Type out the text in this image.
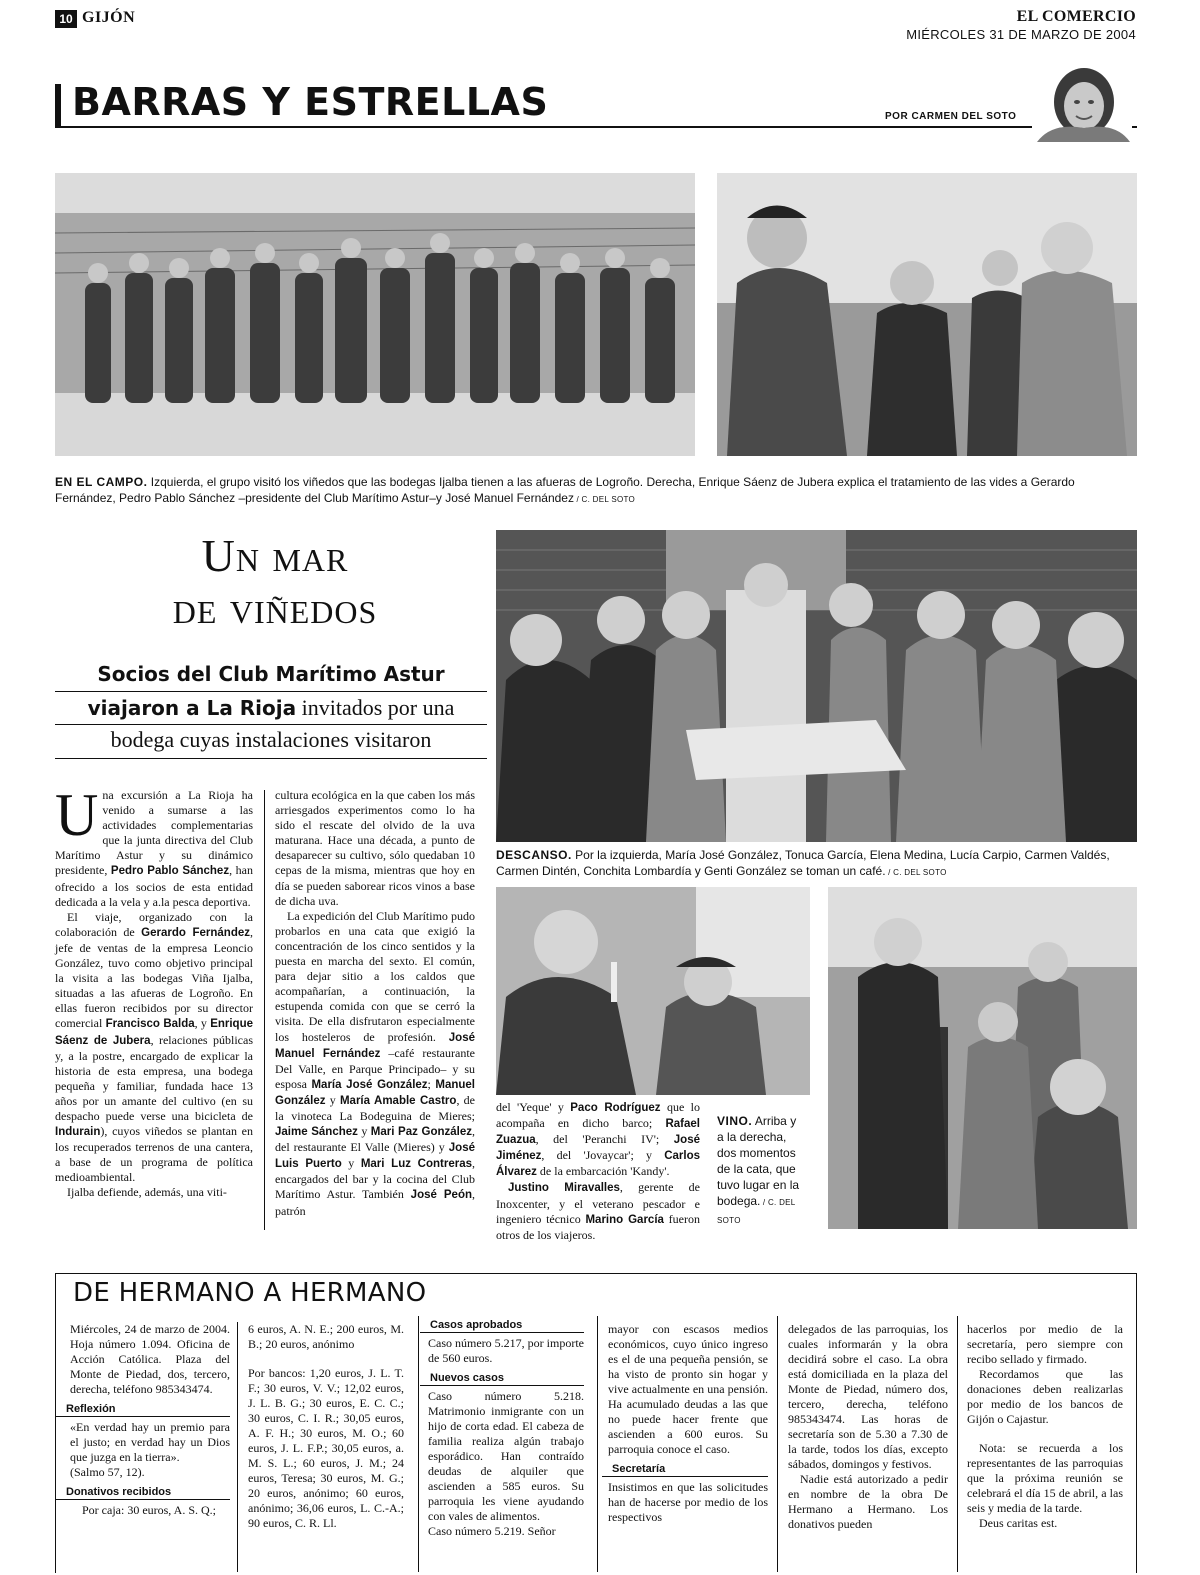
10 GIJÓN	EL COMERCIO
MIÉRCOLES 31 DE MARZO DE 2004
BARRAS Y ESTRELLAS	POR CARMEN DEL SOTO
EN EL CAMPO. Izquierda, el grupo visitó los viñedos que las bodegas Ijalba tienen a las afueras de Logroño. Derecha, Enrique Sáenz de Jubera explica el tratamiento de las vides a Gerardo Fernández, Pedro Pablo Sánchez –presidente del Club Marítimo Astur–y José Manuel Fernández / C. DEL SOTO
Un mar
de viñedos
Socios del Club Marítimo Astur
viajaron a La Rioja invitados por una
bodega cuyas instalaciones visitaron

Una excursión a La Rioja ha venido a sumarse a las actividades complementarias que la junta directiva del Club Marítimo Astur y su dinámico presidente, Pedro Pablo Sánchez, han ofrecido a los socios de esta entidad dedicada a la vela y a.la pesca deportiva.

El viaje, organizado con la colaboración de Gerardo Fernández, jefe de ventas de la empresa Leoncio González, tuvo como objetivo principal la visita a las bodegas Viña Ijalba, situadas a las afueras de Logroño. En ellas fueron recibidos por su director comercial Francisco Balda, y Enrique Sáenz de Jubera, relaciones públicas y, a la postre, encargado de explicar la historia de esta empresa, una bodega pequeña y familiar, fundada hace 13 años por un amante del cultivo (en su despacho puede verse una bicicleta de Indurain), cuyos viñedos se plantan en los recuperados terrenos de una cantera, a base de un programa de política medioambiental.

Ijalba defiende, además, una viti-

cultura ecológica en la que caben los más arriesgados experimentos como lo ha sido el rescate del olvido de la uva maturana. Hace una década, a punto de desaparecer su cultivo, sólo quedaban 10 cepas de la misma, mientras que hoy en día se pueden saborear ricos vinos a base de dicha uva.

La expedición del Club Marítimo pudo probarlos en una cata que exigió la concentración de los cinco sentidos y la puesta en marcha del sexto. El común, para dejar sitio a los caldos que acompañarían, a continuación, la estupenda comida con que se cerró la visita. De ella disfrutaron especialmente los hosteleros de profesión. José Manuel Fernández –café restaurante Del Valle, en Parque Principado– y su esposa María José González; Manuel González y María Amable Castro, de la vinoteca La Bodeguina de Mieres; Jaime Sánchez y Mari Paz González, del restaurante El Valle (Mieres) y José Luis Puerto y Mari Luz Contreras, encargados del bar y la cocina del Club Marítimo Astur. También José Peón, patrón

del 'Yeque' y Paco Rodríguez que lo acompaña en dicho barco; Rafael Zuazua, del 'Peranchi IV'; José Jiménez, del 'Jovaycar'; y Carlos Álvarez de la embarcación 'Kandy'.

Justino Miravalles, gerente de Inoxcenter, y el veterano pescador e ingeniero técnico Marino García fueron otros de los viajeros.

DESCANSO. Por la izquierda, María José González, Tonuca García, Elena Medina, Lucía Carpio, Carmen Valdés, Carmen Dintén, Conchita Lombardía y Genti González se toman un café. / C. DEL SOTO
VINO. Arriba y a la derecha, dos momentos de la cata, que tuvo lugar en la bodega. / C. DEL SOTO
DE HERMANO A HERMANO

Miércoles, 24 de marzo de 2004. Hoja número 1.094. Oficina de Acción Católica. Plaza del Monte de Piedad, dos, tercero, derecha, teléfono 985343474.

Reflexión

«En verdad hay un premio para el justo; en verdad hay un Dios que juzga en la tierra».

(Salmo 57, 12).

Donativos recibidos

Por caja: 30 euros, A. S. Q.;

6 euros, A. N. E.; 200 euros, M. B.; 20 euros, anónimo

Por bancos: 1,20 euros, J. L. T. F.; 30 euros, V. V.; 12,02 euros, J. L. B. G.; 30 euros, E. C. C.; 30 euros, C. I. R.; 30,05 euros, A. F. H.; 30 euros, M. O.; 60 euros, J. L. F.P.; 30,05 euros, a. M. S. L.; 60 euros, J. M.; 24 euros, Teresa; 30 euros, M. G.; 20 euros, anónimo; 60 euros, anónimo; 36,06 euros, L. C.-A.; 90 euros, C. R. Ll.

Casos aprobados

Caso número 5.217, por importe de 560 euros.

Nuevos casos

Caso número 5.218. Matrimonio inmigrante con un hijo de corta edad. El cabeza de familia realiza algún trabajo esporádico. Han contraído deudas de alquiler que ascienden a 585 euros. Su parroquia les viene ayudando con vales de alimentos.

Caso número 5.219. Señor

mayor con escasos medios económicos, cuyo único ingreso es el de una pequeña pensión, se ha visto de pronto sin hogar y vive actualmente en una pensión. Ha acumulado deudas a las que no puede hacer frente que ascienden a 600 euros. Su parroquia conoce el caso.

Secretaría

Insistimos en que las solicitudes han de hacerse por medio de los respectivos

delegados de las parroquias, los cuales informarán y la obra decidirá sobre el caso. La obra está domiciliada en la plaza del Monte de Piedad, número dos, tercero, derecha, teléfono 985343474. Las horas de secretaría son de 5.30 a 7.30 de la tarde, todos los días, excepto sábados, domingos y festivos.

Nadie está autorizado a pedir en nombre de la obra De Hermano a Hermano. Los donativos pueden

hacerlos por medio de la secretaría, pero siempre con recibo sellado y firmado.

Recordamos que las donaciones deben realizarlas por medio de los bancos de Gijón o Cajastur.

Nota: se recuerda a los representantes de las parroquias que la próxima reunión se celebrará el día 15 de abril, a las seis y media de la tarde.

Deus caritas est.
